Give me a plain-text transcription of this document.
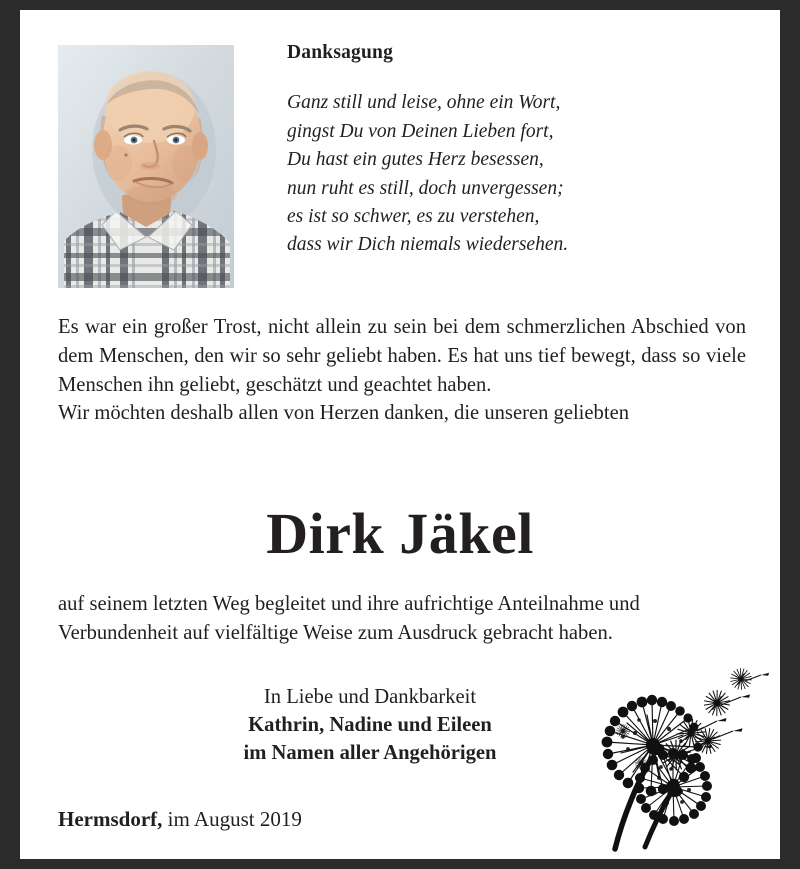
Danksagung
Ganz still und leise, ohne ein Wort,
gingst Du von Deinen Lieben fort,
Du hast ein gutes Herz besessen,
nun ruht es still, doch unvergessen;
es ist so schwer, es zu verstehen,
dass wir Dich niemals wiedersehen.

Es war ein großer Trost, nicht allein zu sein bei dem schmerzlichen Abschied von dem Menschen, den wir so sehr geliebt haben. Es hat uns tief bewegt, dass so viele Menschen ihn geliebt, geschätzt und geachtet haben.

Wir möchten deshalb allen von Herzen danken, die unseren geliebten

Dirk Jäkel

auf seinem letzten Weg begleitet und ihre aufrichtige Anteilnahme und Verbundenheit auf vielfältige Weise zum Ausdruck gebracht haben.

In Liebe und Dankbarkeit
Kathrin, Nadine und Eileen
im Namen aller Angehörigen
Hermsdorf, im August 2019
